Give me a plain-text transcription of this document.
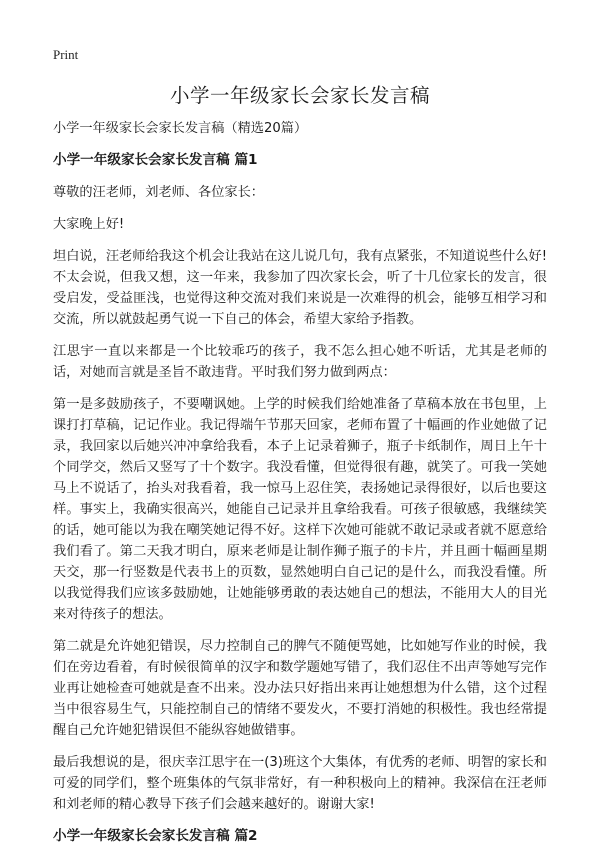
Print
小学一年级家长会家长发言稿

小学一年级家长会家长发言稿（精选20篇）

小学一年级家长会家长发言稿 篇1

尊敬的汪老师，刘老师、各位家长：

大家晚上好!

坦白说，汪老师给我这个机会让我站在这儿说几句，我有点紧张，不知道说些什么好!不太会说，但我又想，这一年来，我参加了四次家长会，听了十几位家长的发言，很受启发，受益匪浅，也觉得这种交流对我们来说是一次难得的机会，能够互相学习和交流，所以就鼓起勇气说一下自己的体会，希望大家给予指教。

江思宇一直以来都是一个比较乖巧的孩子，我不怎么担心她不听话，尤其是老师的话，对她而言就是圣旨不敢违背。平时我们努力做到两点：

第一是多鼓励孩子，不要嘲讽她。上学的时候我们给她准备了草稿本放在书包里，上课打打草稿，记记作业。我记得端午节那天回家，老师布置了十幅画的作业她做了记录，我回家以后她兴冲冲拿给我看，本子上记录着狮子，瓶子卡纸制作，周日上午十个同学交，然后又竖写了十个数字。我没看懂，但觉得很有趣，就笑了。可我一笑她马上不说话了，抬头对我看着，我一惊马上忍住笑，表扬她记录得很好，以后也要这样。事实上，我确实很高兴，她能自己记录并且拿给我看。可孩子很敏感，我继续笑的话，她可能以为我在嘲笑她记得不好。这样下次她可能就不敢记录或者就不愿意给我们看了。第二天我才明白，原来老师是让制作狮子瓶子的卡片，并且画十幅画星期天交，那一行竖数是代表书上的页数，显然她明白自己记的是什么，而我没看懂。所以我觉得我们应该多鼓励她，让她能够勇敢的表达她自己的想法，不能用大人的目光来对待孩子的想法。

第二就是允许她犯错误，尽力控制自己的脾气不随便骂她，比如她写作业的时候，我们在旁边看着，有时候很简单的汉字和数学题她写错了，我们忍住不出声等她写完作业再让她检查可她就是查不出来。没办法只好指出来再让她想想为什么错，这个过程当中很容易生气，只能控制自己的情绪不要发火，不要打消她的积极性。我也经常提醒自己允许她犯错误但不能纵容她做错事。

最后我想说的是，很庆幸江思宇在一(3)班这个大集体，有优秀的老师、明智的家长和可爱的同学们，整个班集体的气氛非常好，有一种积极向上的精神。我深信在汪老师和刘老师的精心教导下孩子们会越来越好的。谢谢大家!

小学一年级家长会家长发言稿 篇2
